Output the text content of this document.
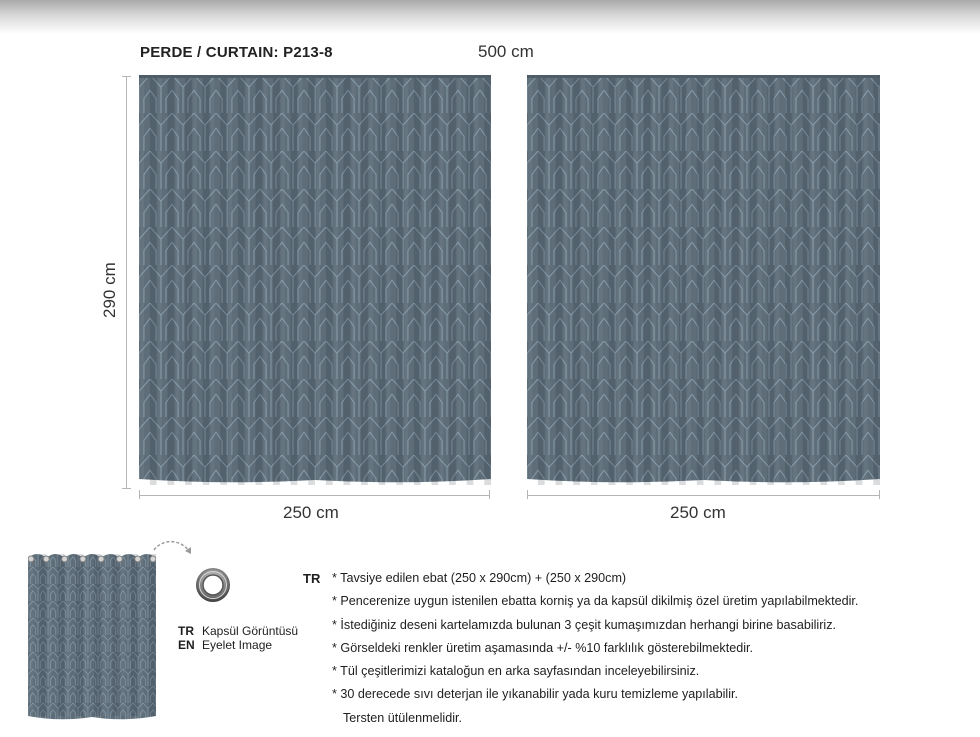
PERDE / CURTAIN: P213-8	500 cm
290 cm
250 cm	250 cm
TR Kapsül Görüntüsü
EN Eyelet Image
TR * Tavsiye edilen ebat (250 x 290cm) + (250 x 290cm)
* Pencerenize uygun istenilen ebatta korniş ya da kapsül dikilmiş özel üretim yapılabilmektedir.
* İstediğiniz deseni kartelamızda bulunan 3 çeşit kumaşımızdan herhangi birine basabiliriz.
* Görseldeki renkler üretim aşamasında +/- %10 farklılık gösterebilmektedir.
* Tül çeşitlerimizi kataloğun en arka sayfasından inceleyebilirsiniz.
* 30 derecede sıvı deterjan ile yıkanabilir yada kuru temizleme yapılabilir.
Tersten ütülenmelidir.
